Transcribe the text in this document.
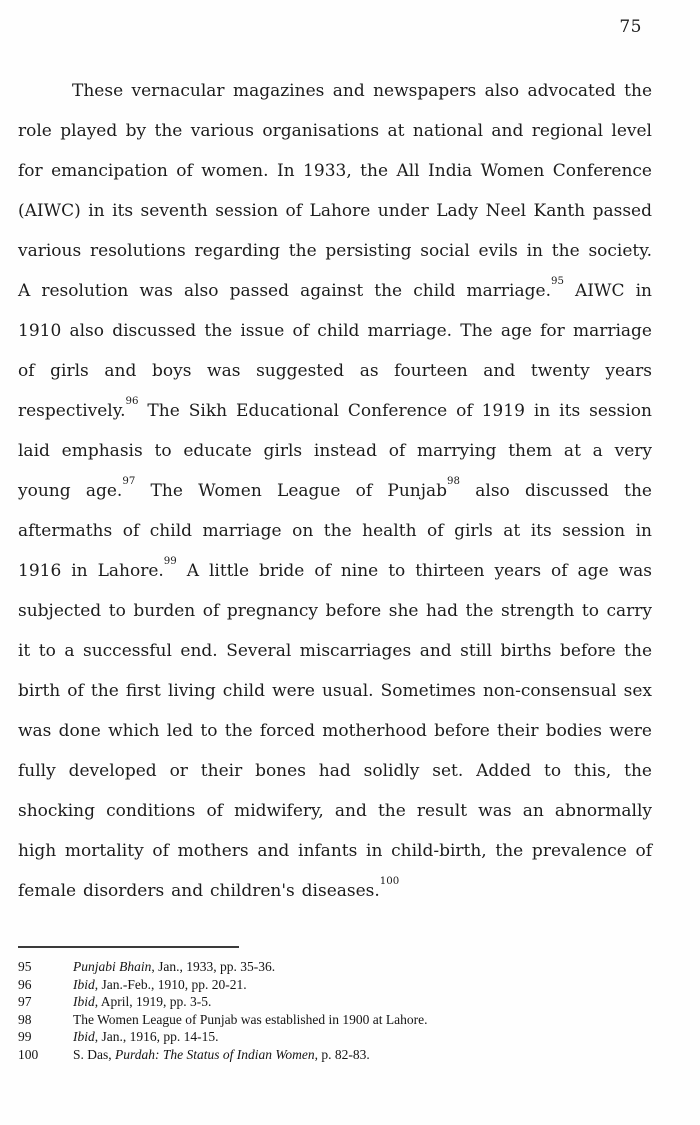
75

These vernacular magazines and newspapers also advocated the role played by the various organisations at national and regional level for emancipation of women. In 1933, the All India Women Conference (AIWC) in its seventh session of Lahore under Lady Neel Kanth passed various resolutions regarding the persisting social evils in the society. A resolution was also passed against the child marriage.$^{95}$ AIWC in 1910 also discussed the issue of child marriage. The age for marriage of girls and boys was suggested as fourteen and twenty years respectively.$^{96}$ The Sikh Educational Conference of 1919 in its session laid emphasis to educate girls instead of marrying them at a very young age.$^{97}$ The Women League of Punjab$^{98}$ also discussed the aftermaths of child marriage on the health of girls at its session in 1916 in Lahore.$^{99}$ A little bride of nine to thirteen years of age was subjected to burden of pregnancy before she had the strength to carry it to a successful end. Several miscarriages and still births before the birth of the first living child were usual. Sometimes non-consensual sex was done which led to the forced motherhood before their bodies were fully developed or their bones had solidly set. Added to this, the shocking conditions of midwifery, and the result was an abnormally high mortality of mothers and infants in child-birth, the prevalence of female disorders and children's diseases.$^{100}$

95	Punjabi Bhain, Jan., 1933, pp. 35-36.
96	Ibid, Jan.-Feb., 1910, pp. 20-21.
97	Ibid, April, 1919, pp. 3-5.
98	The Women League of Punjab was established in 1900 at Lahore.
99	Ibid, Jan., 1916, pp. 14-15.
100	S. Das, Purdah: The Status of Indian Women, p. 82-83.
